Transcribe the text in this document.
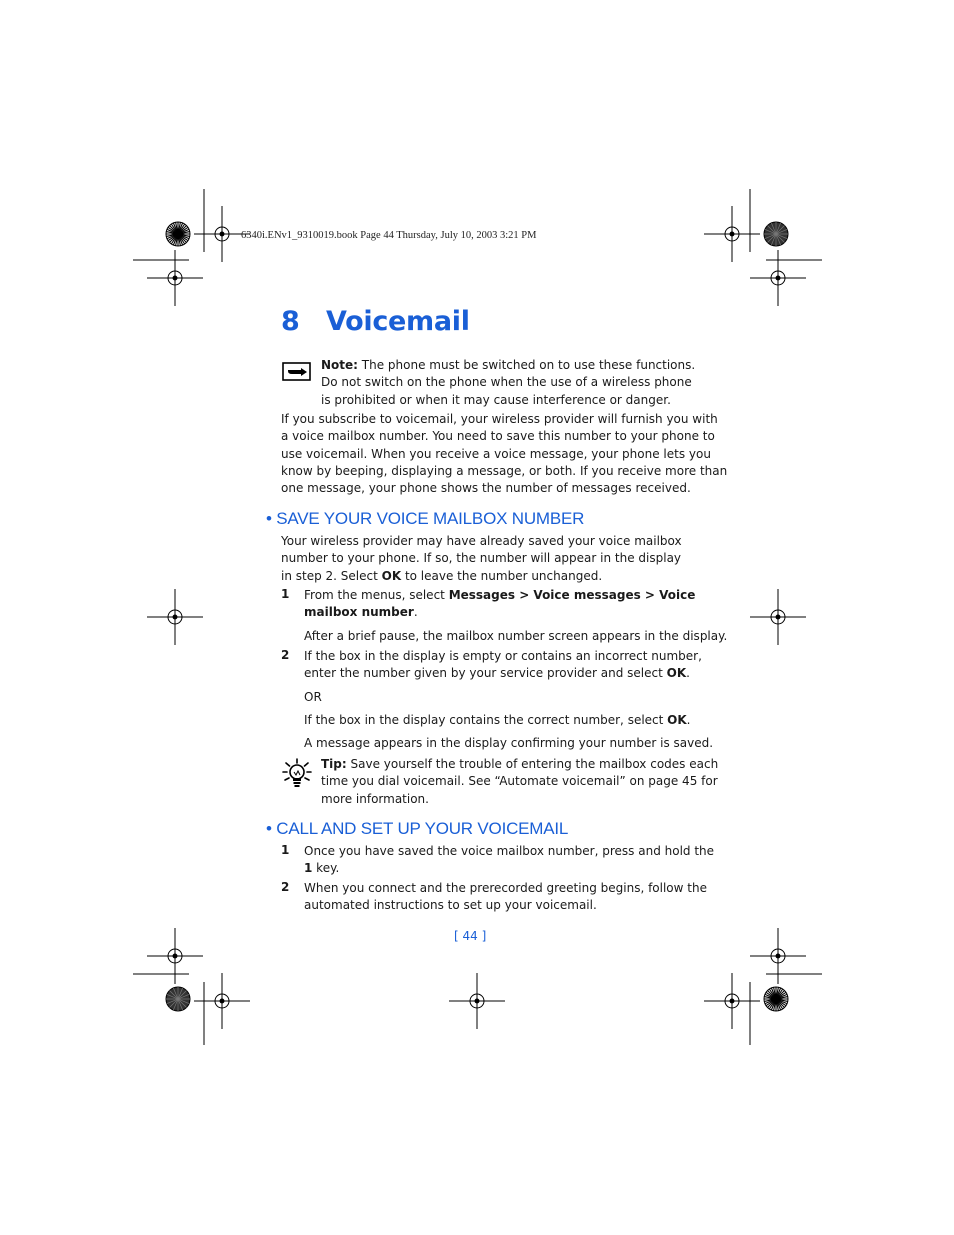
6340i.ENv1_9310019.book Page 44 Thursday, July 10, 2003 3:21 PM
8 Voicemail
Note: The phone must be switched on to use these functions.
Do not switch on the phone when the use of a wireless phone
is prohibited or when it may cause interference or danger.
If you subscribe to voicemail, your wireless provider will furnish you with
a voice mailbox number. You need to save this number to your phone to
use voicemail. When you receive a voice message, your phone lets you
know by beeping, displaying a message, or both. If you receive more than
one message, your phone shows the number of messages received.
• SAVE YOUR VOICE MAILBOX NUMBER
Your wireless provider may have already saved your voice mailbox
number to your phone. If so, the number will appear in the display
in step 2. Select OK to leave the number unchanged.
1 From the menus, select Messages > Voice messages > Voice
mailbox number.
After a brief pause, the mailbox number screen appears in the display.
2 If the box in the display is empty or contains an incorrect number,
enter the number given by your service provider and select OK.
OR
If the box in the display contains the correct number, select OK.
A message appears in the display confirming your number is saved.
Tip: Save yourself the trouble of entering the mailbox codes each
time you dial voicemail. See “Automate voicemail” on page 45 for
more information.
• CALL AND SET UP YOUR VOICEMAIL
1 Once you have saved the voice mailbox number, press and hold the
1 key.
2 When you connect and the prerecorded greeting begins, follow the
automated instructions to set up your voicemail.
[ 44 ]
